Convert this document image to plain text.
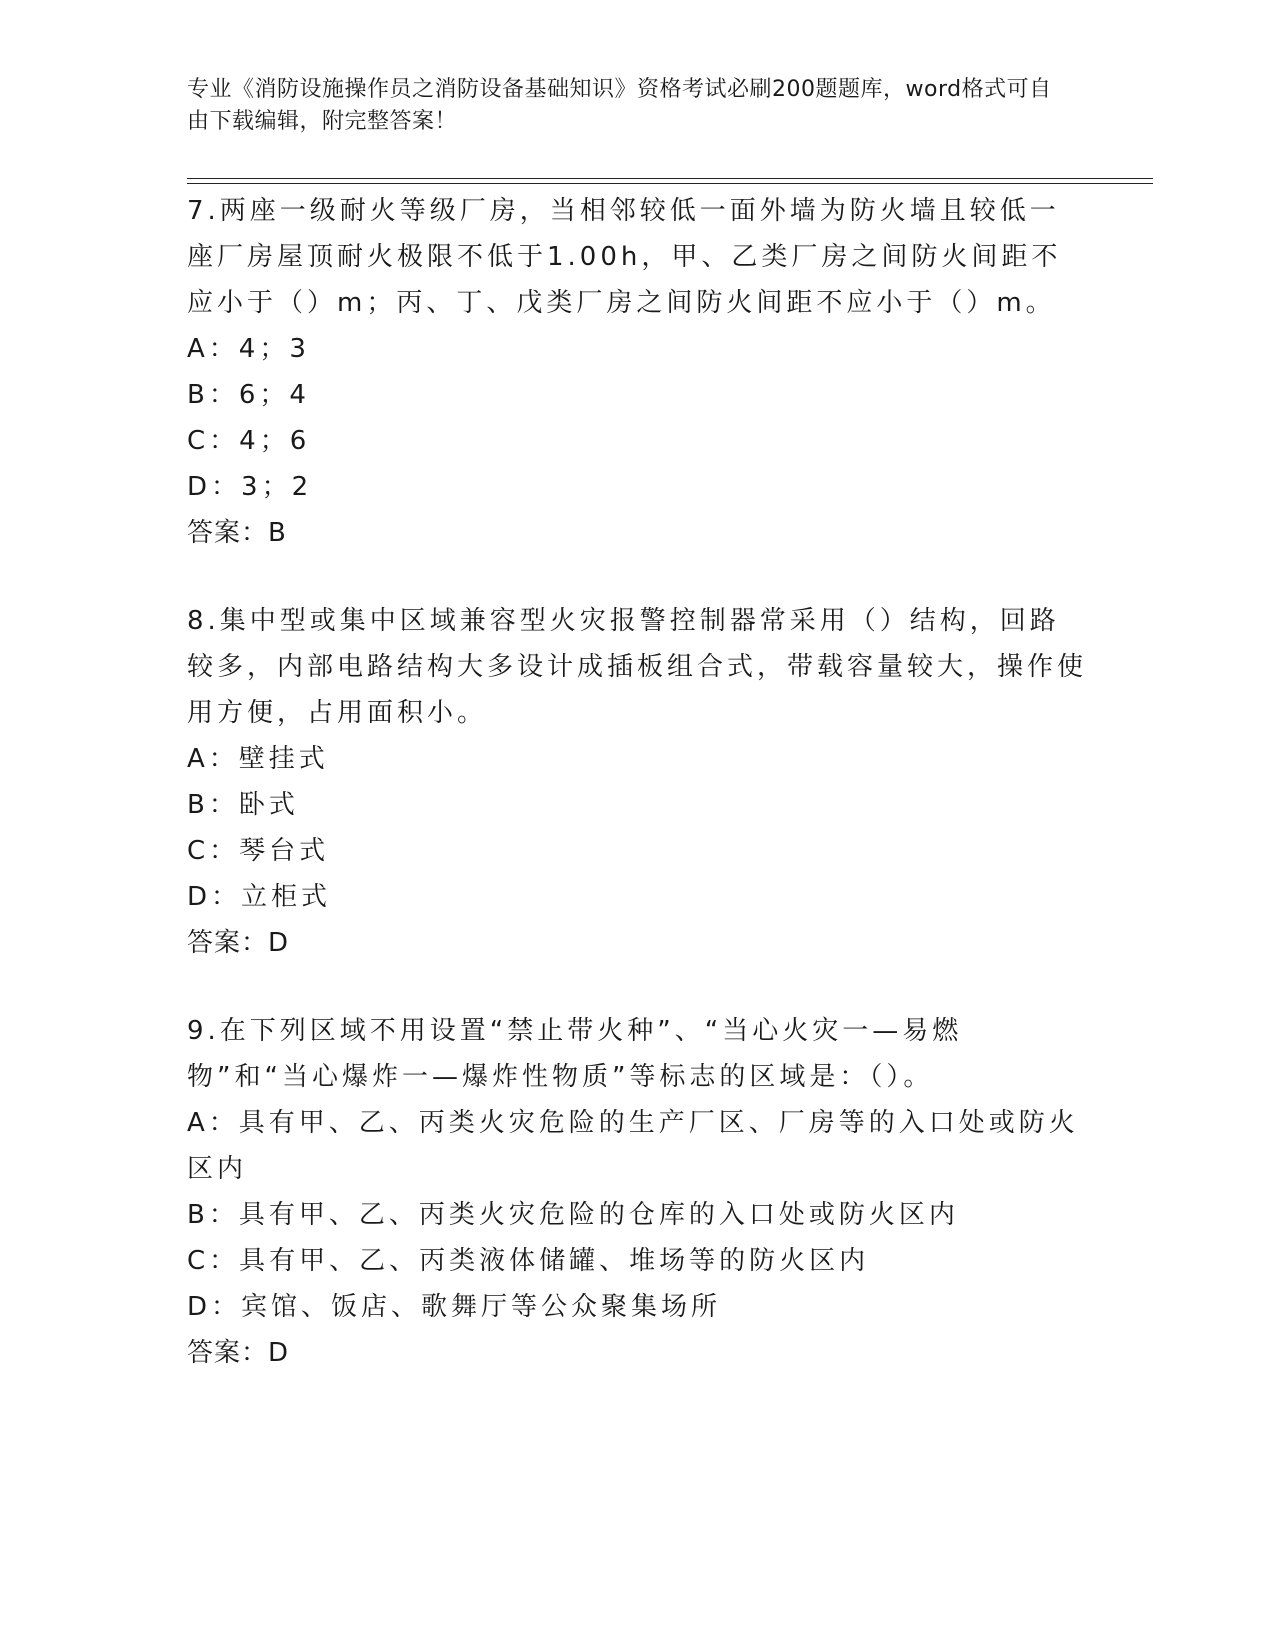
专业《消防设施操作员之消防设备基础知识》资格考试必刷200题题库，word格式可自由下载编辑，附完整答案！
7.两座一级耐火等级厂房，当相邻较低一面外墙为防火墙且较低一座厂房屋顶耐火极限不低于1.00h，甲、乙类厂房之间防火间距不应小于（）m；丙、丁、戊类厂房之间防火间距不应小于（）m。
A：4；3
B：6；4
C：4；6
D：3；2
答案：B
8.集中型或集中区域兼容型火灾报警控制器常采用（）结构，回路较多，内部电路结构大多设计成插板组合式，带载容量较大，操作使用方便，占用面积小。
A：壁挂式
B：卧式
C：琴台式
D：立柜式
答案：D
9.在下列区域不用设置“禁止带火种”、“当心火灾一—易燃物”和“当心爆炸一—爆炸性物质”等标志的区域是：（）。
A：具有甲、乙、丙类火灾危险的生产厂区、厂房等的入口处或防火区内
B：具有甲、乙、丙类火灾危险的仓库的入口处或防火区内
C：具有甲、乙、丙类液体储罐、堆场等的防火区内
D：宾馆、饭店、歌舞厅等公众聚集场所
答案：D
